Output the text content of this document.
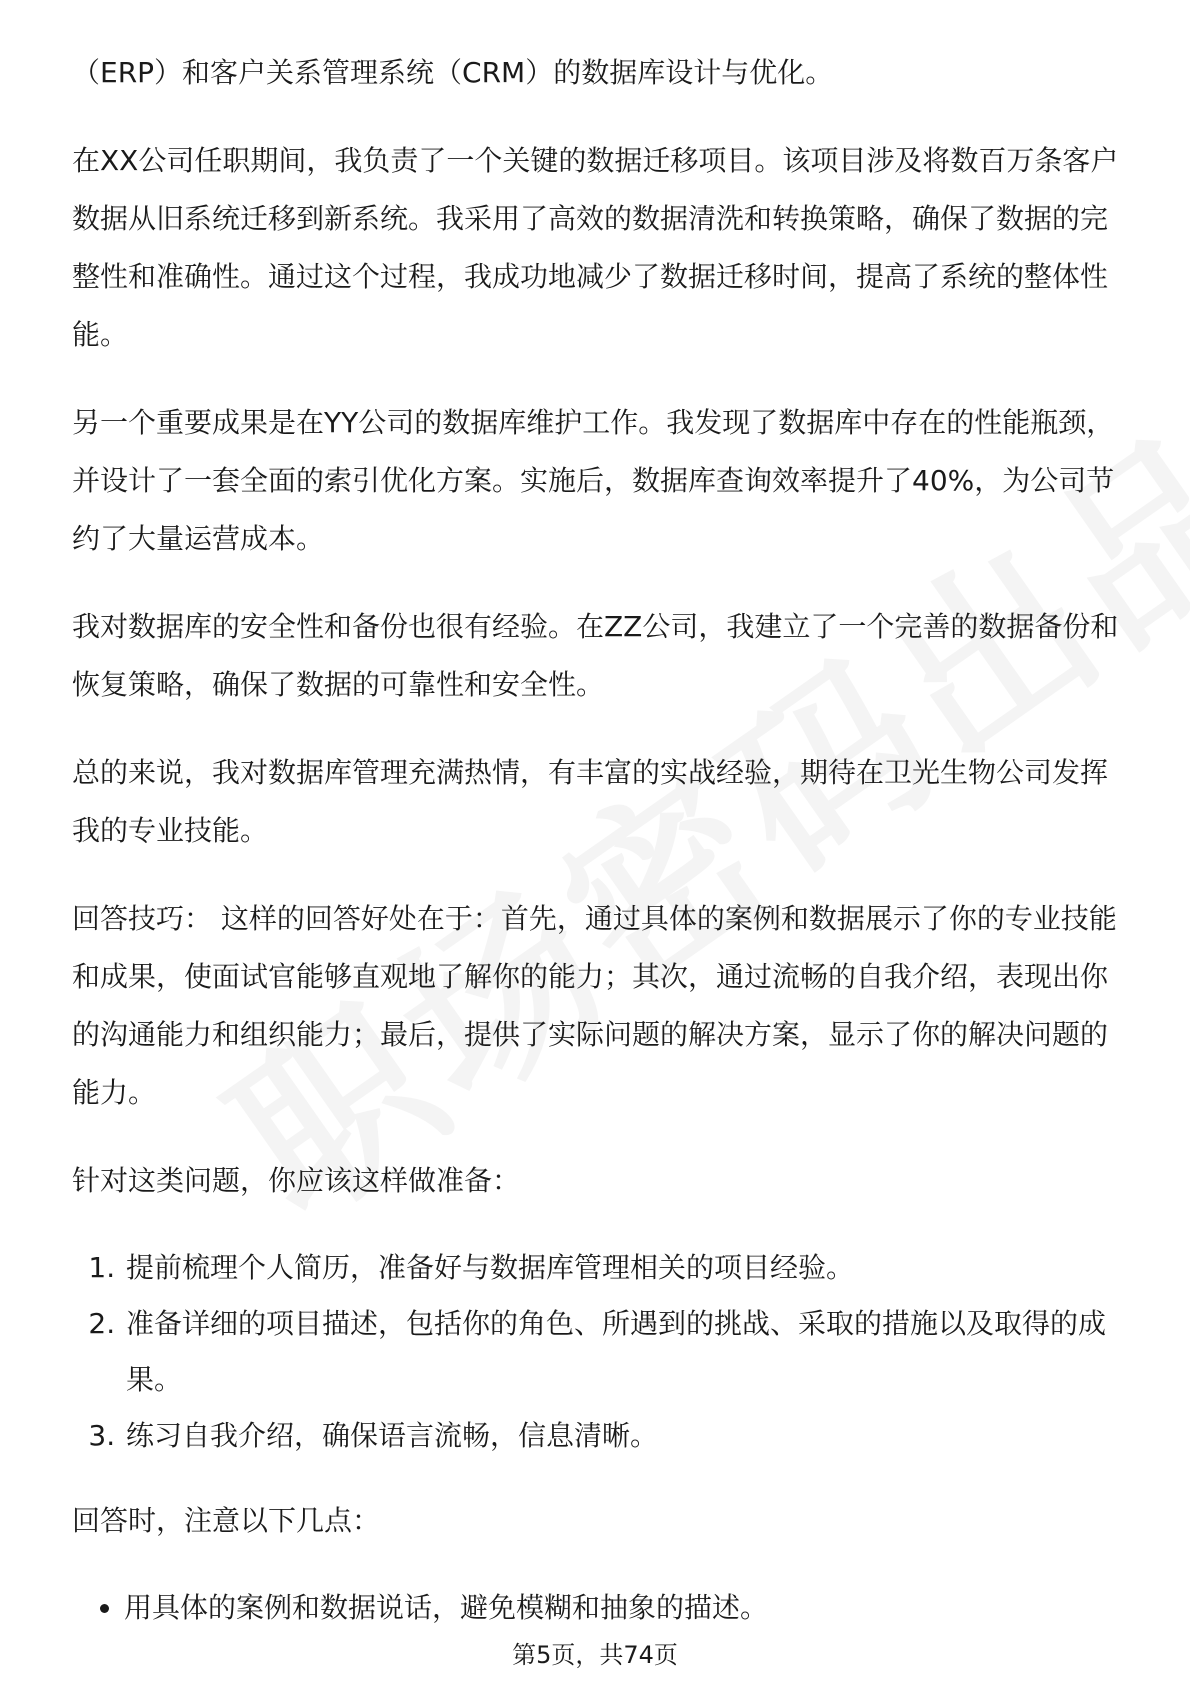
（ERP）和客户关系管理系统（CRM）的数据库设计与优化。

在XX公司任职期间，我负责了一个关键的数据迁移项目。该项目涉及将数百万条客户数据从旧系统迁移到新系统。我采用了高效的数据清洗和转换策略，确保了数据的完整性和准确性。通过这个过程，我成功地减少了数据迁移时间，提高了系统的整体性能。

另一个重要成果是在YY公司的数据库维护工作。我发现了数据库中存在的性能瓶颈，并设计了一套全面的索引优化方案。实施后，数据库查询效率提升了40%，为公司节约了大量运营成本。

我对数据库的安全性和备份也很有经验。在ZZ公司，我建立了一个完善的数据备份和恢复策略，确保了数据的可靠性和安全性。

总的来说，我对数据库管理充满热情，有丰富的实战经验，期待在卫光生物公司发挥我的专业技能。

回答技巧： 这样的回答好处在于：首先，通过具体的案例和数据展示了你的专业技能和成果，使面试官能够直观地了解你的能力；其次，通过流畅的自我介绍，表现出你的沟通能力和组织能力；最后，提供了实际问题的解决方案，显示了你的解决问题的能力。

针对这类问题，你应该这样做准备：

1. 提前梳理个人简历，准备好与数据库管理相关的项目经验。
2. 准备详细的项目描述，包括你的角色、所遇到的挑战、采取的措施以及取得的成果。
3. 练习自我介绍，确保语言流畅，信息清晰。

回答时，注意以下几点：

• 用具体的案例和数据说话，避免模糊和抽象的描述。
第5页，共74页
